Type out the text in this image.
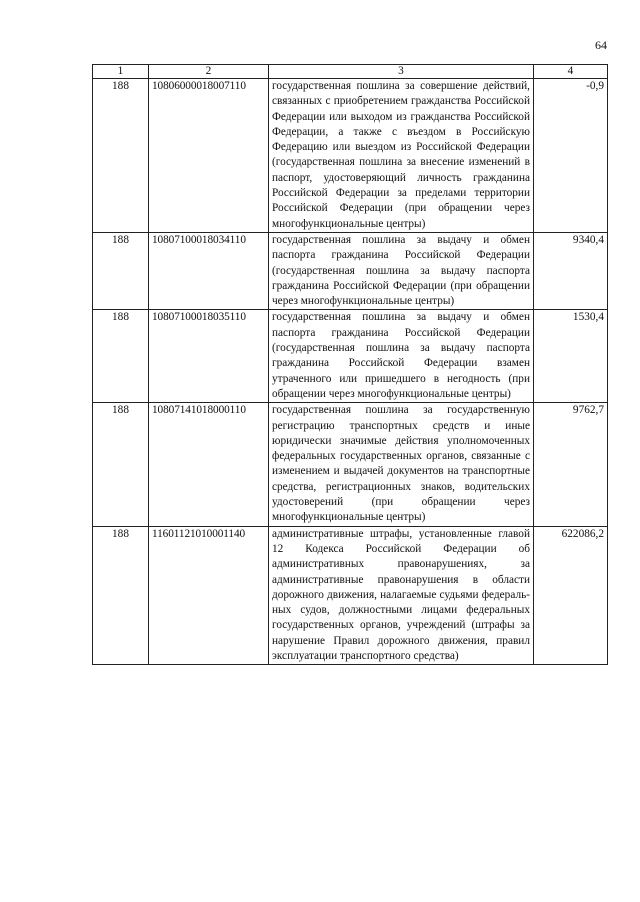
64
1	2	3	4
188	10806000018007110	государственная пошлина за совершение действий, связанных с приобретением гражданства Российской Федерации или выходом из гражданства Российской Федерации, а также с въездом в Российскую Федерацию или выездом из Российской Федерации (государственная пошлина за внесение изменений в паспорт, удостоверяющий личность гражданина Российской Федерации за пределами территории Российской Федерации (при обращении через многофункциональные центры)	-0,9
188	10807100018034110	государственная пошлина за выдачу и обмен паспорта гражданина Российской Федерации (государственная пошлина за выдачу паспорта гражданина Российской Федерации (при обращении через многофункциональные центры)	9340,4
188	10807100018035110	государственная пошлина за выдачу и обмен паспорта гражданина Российской Федерации (государственная пошлина за выдачу паспорта гражданина Российской Федерации взамен утраченного или пришедшего в негодность (при обращении через многофункциональные центры)	1530,4
188	10807141018000110	государственная пошлина за государственную регистрацию транспортных средств и иные юридически значимые действия уполномоченных федеральных государственных органов, связанные с изменением и выдачей документов на транспортные средства, регистрационных знаков, водительских удостоверений (при обращении через многофункциональные центры)	9762,7
188	11601121010001140	административные штрафы, установленные главой 12 Кодекса Российской Федерации об административных правонарушениях, за административные правонарушения в области дорожного движения, налагаемые судьями федеральных судов, должностными лицами федеральных государственных органов, учреждений (штрафы за нарушение Правил дорожного движения, правил эксплуатации транспортного средства)	622086,2
